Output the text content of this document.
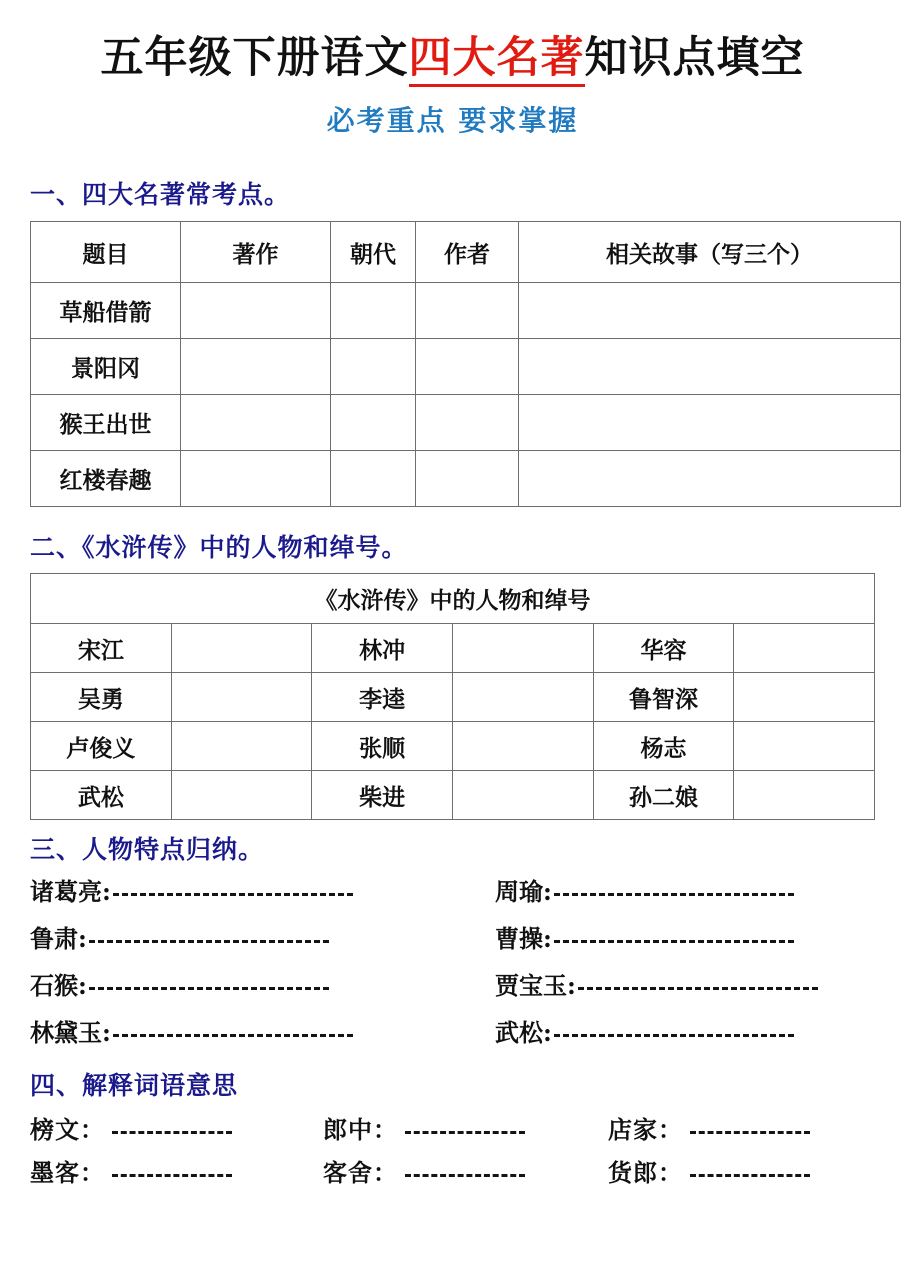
五年级下册语文四大名著知识点填空
必考重点 要求掌握
一、四大名著常考点。
题目	著作	朝代	作者	相关故事（写三个）
草船借箭				
景阳冈				
猴王出世				
红楼春趣				
二、《水浒传》中的人物和绰号。
《水浒传》中的人物和绰号					
宋江		林冲		华容	
吴勇		李逵		鲁智深	
卢俊义		张顺		杨志	
武松		柴进		孙二娘	
三、人物特点归纳。
诸葛亮:	周瑜:
鲁肃:	曹操:
石猴:	贾宝玉:
林黛玉:	武松:
四、解释词语意思
榜文：	郎中：	店家：
墨客：	客舍：	货郎：
